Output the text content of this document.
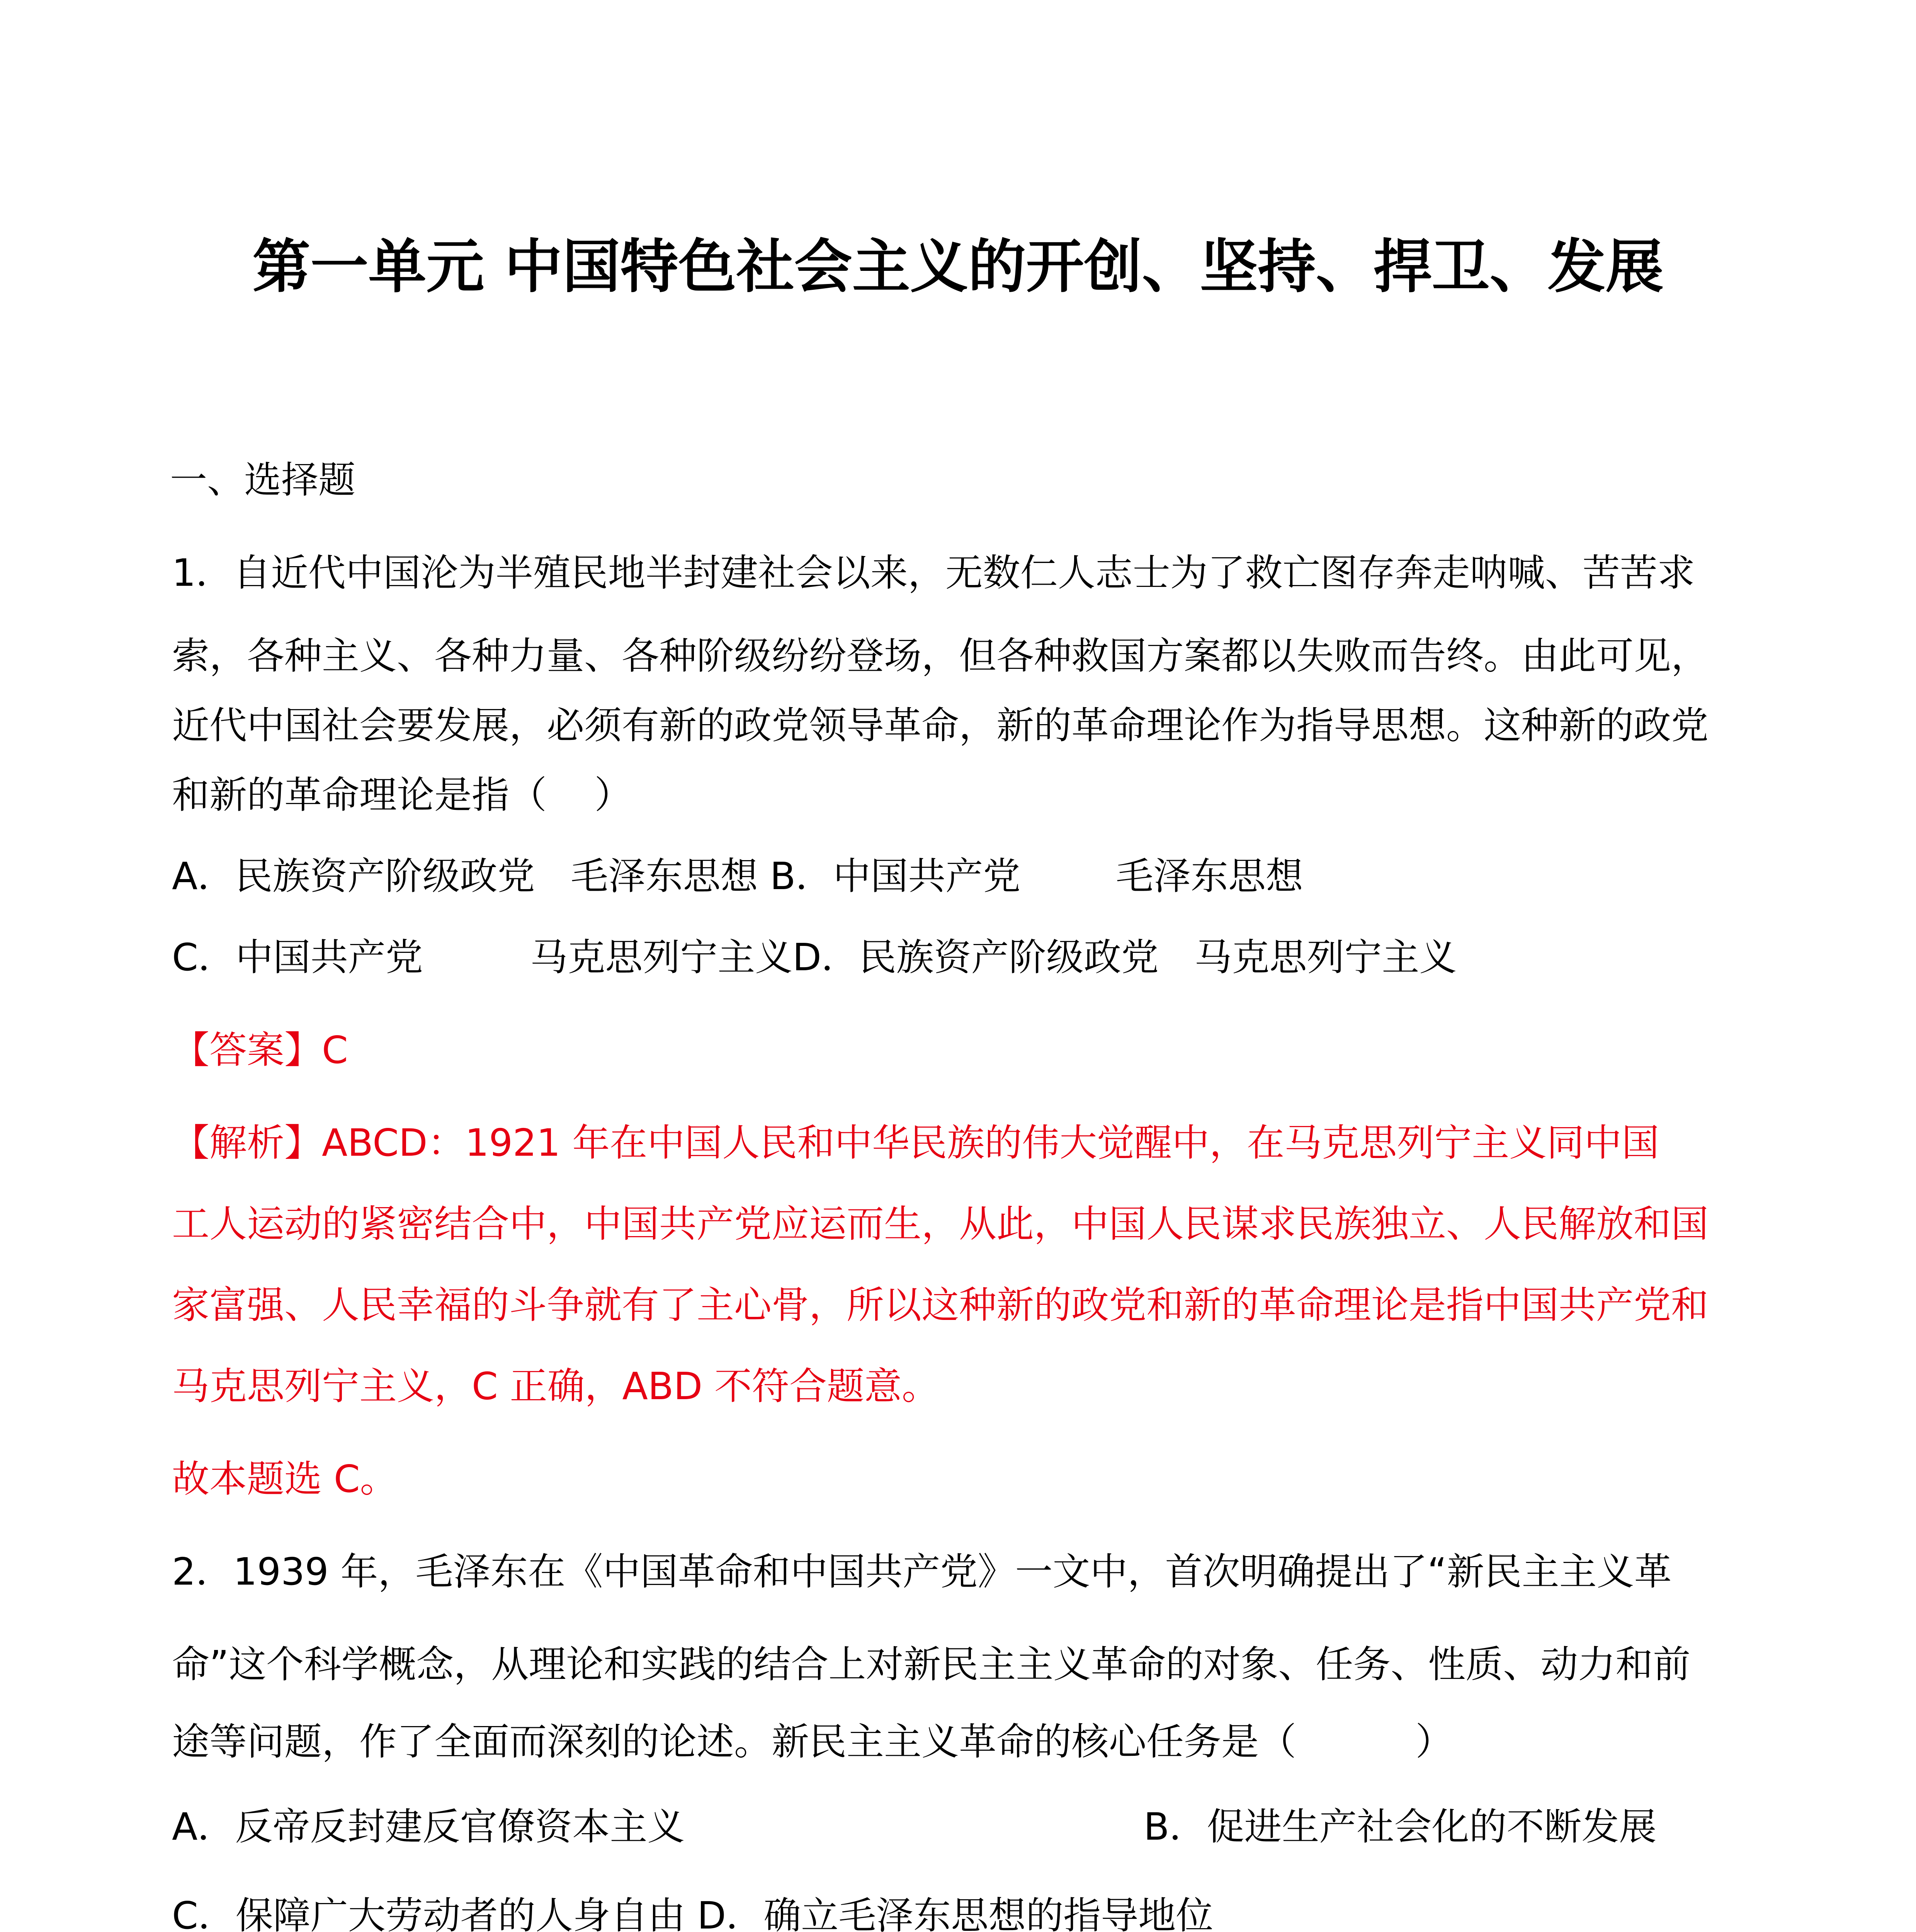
第一单元 中国特色社会主义的开创、坚持、捍卫、发展
一、选择题
1．自近代中国沦为半殖民地半封建社会以来，无数仁人志士为了救亡图存奔走呐喊、苦苦求
索，各种主义、各种力量、各种阶级纷纷登场，但各种救国方案都以失败而告终。由此可见，
近代中国社会要发展，必须有新的政党领导革命，新的革命理论作为指导思想。这种新的政党
和新的革命理论是指（    ）
A．民族资产阶级政党   毛泽东思想 B．中国共产党        毛泽东思想
C．中国共产党         马克思列宁主义D．民族资产阶级政党   马克思列宁主义
【答案】C
【解析】ABCD：1921 年在中国人民和中华民族的伟大觉醒中，在马克思列宁主义同中国
工人运动的紧密结合中，中国共产党应运而生，从此，中国人民谋求民族独立、人民解放和国
家富强、人民幸福的斗争就有了主心骨，所以这种新的政党和新的革命理论是指中国共产党和
马克思列宁主义，C 正确，ABD 不符合题意。
故本题选 C。
2．1939 年，毛泽东在《中国革命和中国共产党》一文中，首次明确提出了“新民主主义革
命”这个科学概念，从理论和实践的结合上对新民主主义革命的对象、任务、性质、动力和前
途等问题，作了全面而深刻的论述。新民主主义革命的核心任务是（          ）
A．反帝反封建反官僚资本主义	B．促进生产社会化的不断发展
C．保障广大劳动者的人身自由 D．确立毛泽东思想的指导地位
